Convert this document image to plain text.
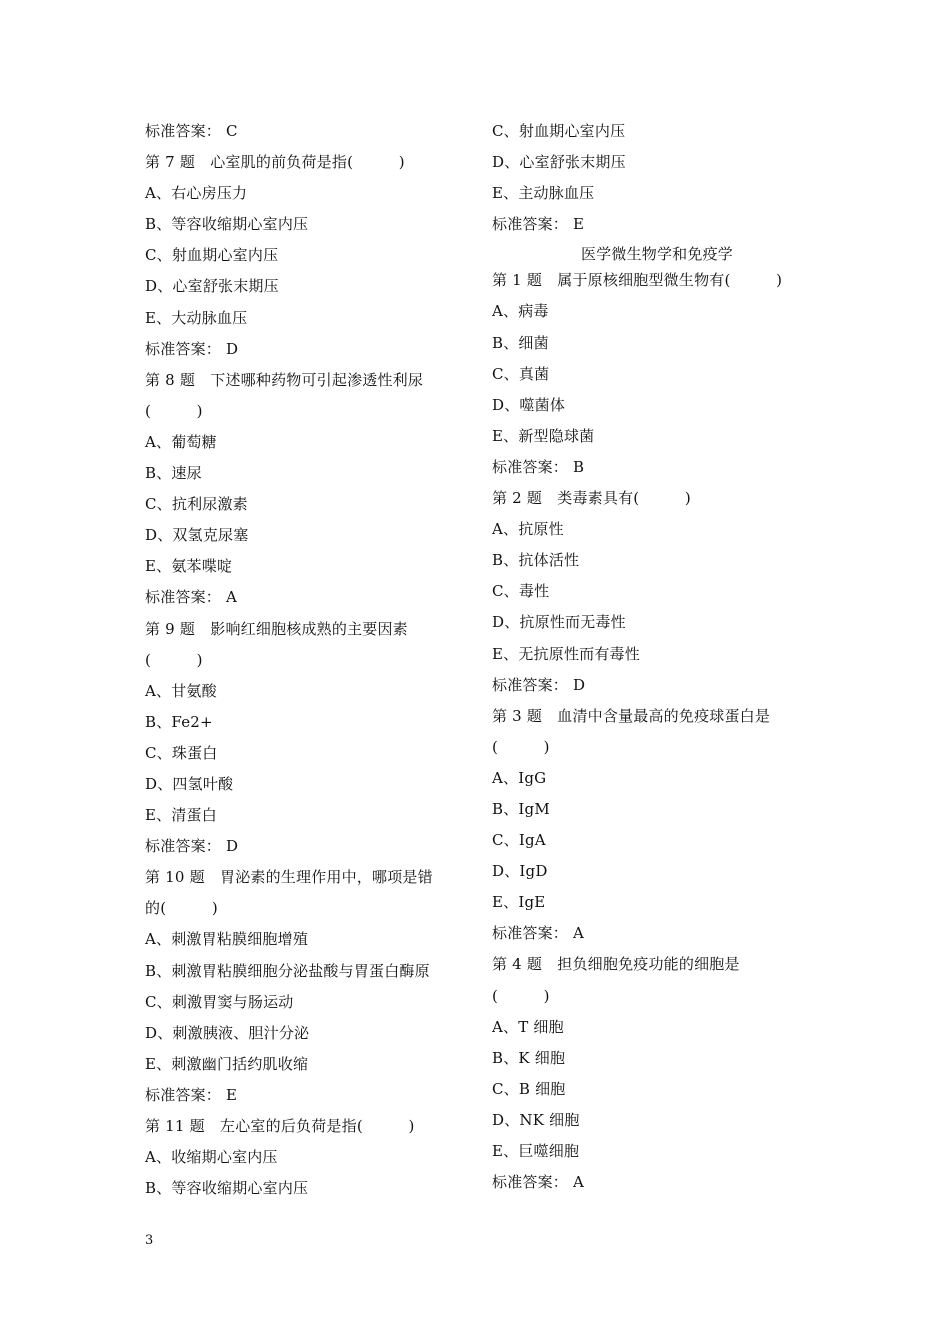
标准答案： C
第 7 题　心室肌的前负荷是指(　　　)
A、右心房压力
B、等容收缩期心室内压
C、射血期心室内压
D、心室舒张末期压
E、大动脉血压
标准答案： D
第 8 题　下述哪种药物可引起渗透性利尿
(　　　)
A、葡萄糖
B、速尿
C、抗利尿激素
D、双氢克尿塞
E、氨苯喋啶
标准答案： A
第 9 题　影响红细胞核成熟的主要因素
(　　　)
A、甘氨酸
B、Fe2+
C、珠蛋白
D、四氢叶酸
E、清蛋白
标准答案： D
第 10 题　胃泌素的生理作用中，哪项是错
的(　　　)
A、刺激胃粘膜细胞增殖
B、刺激胃粘膜细胞分泌盐酸与胃蛋白酶原
C、刺激胃窦与肠运动
D、刺激胰液、胆汁分泌
E、刺激幽门括约肌收缩
标准答案： E
第 11 题　左心室的后负荷是指(　　　)
A、收缩期心室内压
B、等容收缩期心室内压
C、射血期心室内压
D、心室舒张末期压
E、主动脉血压
标准答案： E
医学微生物学和免疫学
第 1 题　属于原核细胞型微生物有(　　　)
A、病毒
B、细菌
C、真菌
D、噬菌体
E、新型隐球菌
标准答案： B
第 2 题　类毒素具有(　　　)
A、抗原性
B、抗体活性
C、毒性
D、抗原性而无毒性
E、无抗原性而有毒性
标准答案： D
第 3 题　血清中含量最高的免疫球蛋白是
(　　　)
A、IgG
B、IgM
C、IgA
D、IgD
E、IgE
标准答案： A
第 4 题　担负细胞免疫功能的细胞是
(　　　)
A、T 细胞
B、K 细胞
C、B 细胞
D、NK 细胞
E、巨噬细胞
标准答案： A
3
